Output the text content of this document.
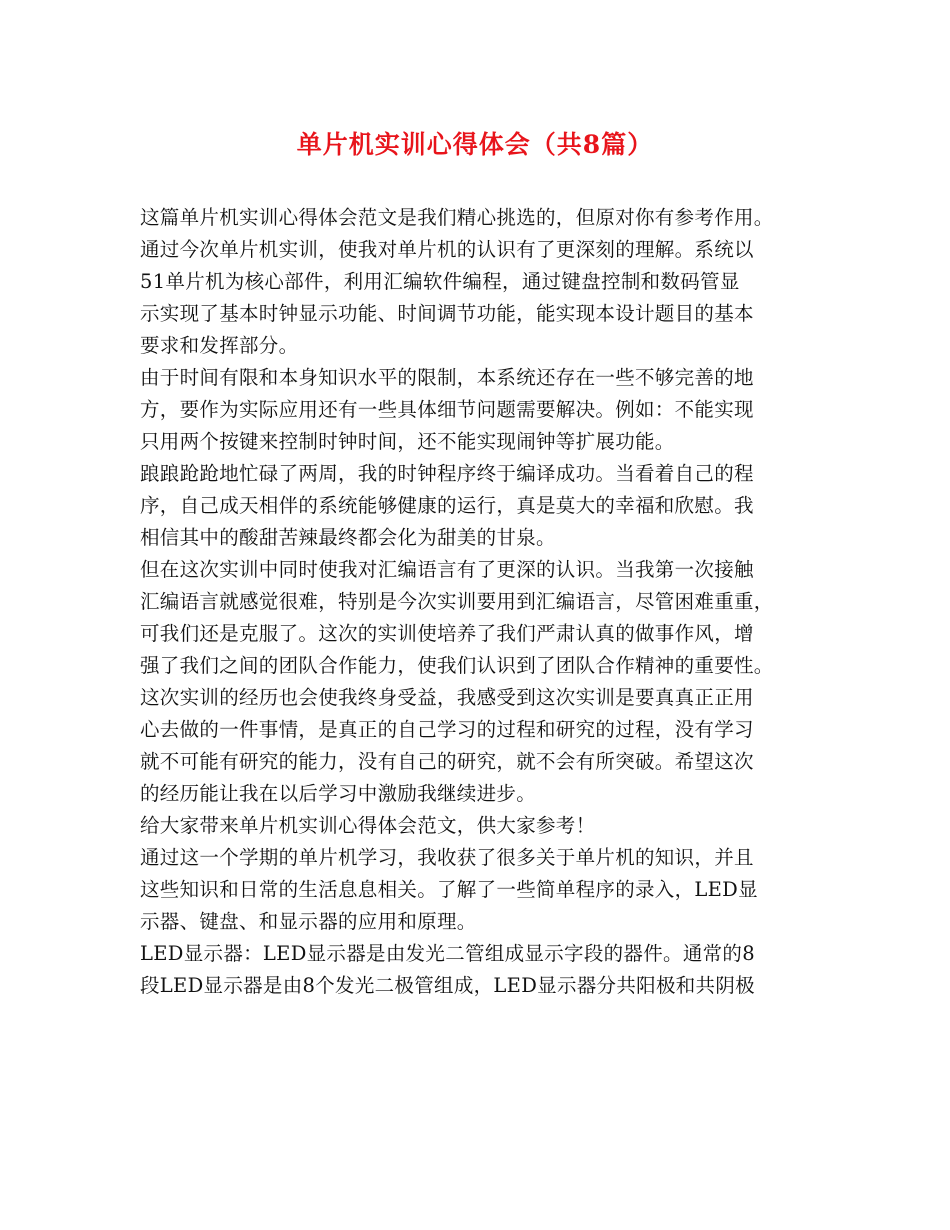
单片机实训心得体会（共8篇）
这篇单片机实训心得体会范文是我们精心挑选的，但原对你有参考作用。
通过今次单片机实训，使我对单片机的认识有了更深刻的理解。系统以
51单片机为核心部件，利用汇编软件编程，通过键盘控制和数码管显
示实现了基本时钟显示功能、时间调节功能，能实现本设计题目的基本
要求和发挥部分。
由于时间有限和本身知识水平的限制，本系统还存在一些不够完善的地
方，要作为实际应用还有一些具体细节问题需要解决。例如：不能实现
只用两个按键来控制时钟时间，还不能实现闹钟等扩展功能。
踉踉跄跄地忙碌了两周，我的时钟程序终于编译成功。当看着自己的程
序，自己成天相伴的系统能够健康的运行，真是莫大的幸福和欣慰。我
相信其中的酸甜苦辣最终都会化为甜美的甘泉。
但在这次实训中同时使我对汇编语言有了更深的认识。当我第一次接触
汇编语言就感觉很难，特别是今次实训要用到汇编语言，尽管困难重重，
可我们还是克服了。这次的实训使培养了我们严肃认真的做事作风，增
强了我们之间的团队合作能力，使我们认识到了团队合作精神的重要性。
这次实训的经历也会使我终身受益，我感受到这次实训是要真真正正用
心去做的一件事情，是真正的自己学习的过程和研究的过程，没有学习
就不可能有研究的能力，没有自己的研究，就不会有所突破。希望这次
的经历能让我在以后学习中激励我继续进步。
给大家带来单片机实训心得体会范文，供大家参考！
通过这一个学期的单片机学习，我收获了很多关于单片机的知识，并且
这些知识和日常的生活息息相关。了解了一些简单程序的录入，LED显
示器、键盘、和显示器的应用和原理。
LED显示器：LED显示器是由发光二管组成显示字段的器件。通常的8
段LED显示器是由8个发光二极管组成，LED显示器分共阳极和共阴极
